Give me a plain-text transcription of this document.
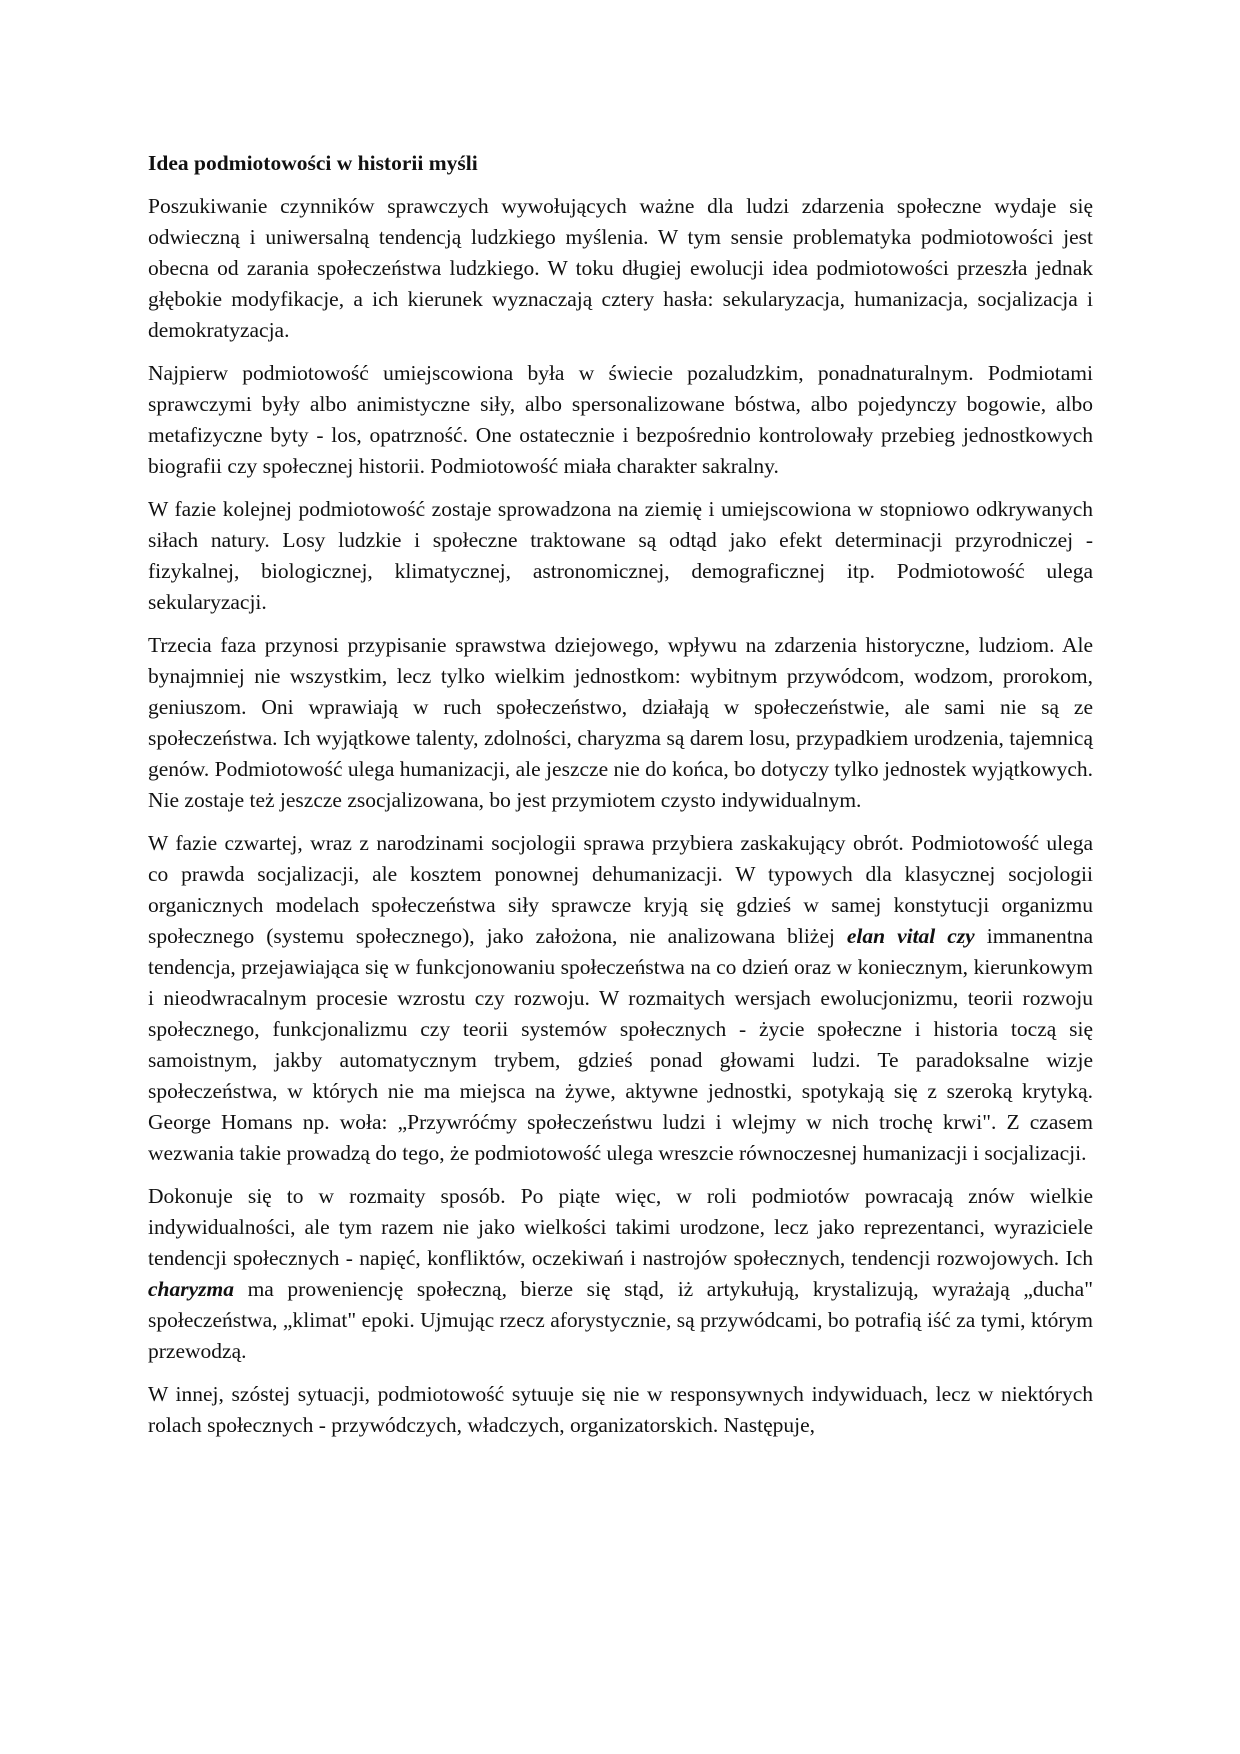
Idea podmiotowości w historii myśli

Poszukiwanie czynników sprawczych wywołujących ważne dla ludzi zdarzenia społeczne wydaje się odwieczną i uniwersalną tendencją ludzkiego myślenia. W tym sensie problematyka podmiotowości jest obecna od zarania społeczeństwa ludzkiego. W toku długiej ewolucji idea podmiotowości przeszła jednak głębokie modyfikacje, a ich kierunek wyznaczają cztery hasła: sekularyzacja, humanizacja, socjalizacja i demokratyzacja.

Najpierw podmiotowość umiejscowiona była w świecie pozaludzkim, ponadnaturalnym. Podmiotami sprawczymi były albo animistyczne siły, albo spersonalizowane bóstwa, albo pojedynczy bogowie, albo metafizyczne byty - los, opatrzność. One ostatecznie i bezpośrednio kontrolowały przebieg jednostkowych biografii czy społecznej historii. Podmiotowość miała charakter sakralny.

W fazie kolejnej podmiotowość zostaje sprowadzona na ziemię i umiejscowiona w stopniowo odkrywanych siłach natury. Losy ludzkie i społeczne traktowane są odtąd jako efekt determinacji przyrodniczej - fizykalnej, biologicznej, klimatycznej, astronomicznej, demograficznej itp. Podmiotowość ulega sekularyzacji.

Trzecia faza przynosi przypisanie sprawstwa dziejowego, wpływu na zdarzenia historyczne, ludziom. Ale bynajmniej nie wszystkim, lecz tylko wielkim jednostkom: wybitnym przywódcom, wodzom, prorokom, geniuszom. Oni wprawiają w ruch społeczeństwo, działają w społeczeństwie, ale sami nie są ze społeczeństwa. Ich wyjątkowe talenty, zdolności, charyzma są darem losu, przypadkiem urodzenia, tajemnicą genów. Podmiotowość ulega humanizacji, ale jeszcze nie do końca, bo dotyczy tylko jednostek wyjątkowych. Nie zostaje też jeszcze zsocjalizowana, bo jest przymiotem czysto indywidualnym.

W fazie czwartej, wraz z narodzinami socjologii sprawa przybiera zaskakujący obrót. Podmiotowość ulega co prawda socjalizacji, ale kosztem ponownej dehumanizacji. W typowych dla klasycznej socjologii organicznych modelach społeczeństwa siły sprawcze kryją się gdzieś w samej konstytucji organizmu społecznego (systemu społecznego), jako założona, nie analizowana bliżej elan vital czy immanentna tendencja, przejawiająca się w funkcjonowaniu społeczeństwa na co dzień oraz w koniecznym, kierunkowym i nieodwracalnym procesie wzrostu czy rozwoju. W rozmaitych wersjach ewolucjonizmu, teorii rozwoju społecznego, funkcjonalizmu czy teorii systemów społecznych - życie społeczne i historia toczą się samoistnym, jakby automatycznym trybem, gdzieś ponad głowami ludzi. Te paradoksalne wizje społeczeństwa, w których nie ma miejsca na żywe, aktywne jednostki, spotykają się z szeroką krytyką. George Homans np. woła: „Przywróćmy społeczeństwu ludzi i wlejmy w nich trochę krwi". Z czasem wezwania takie prowadzą do tego, że podmiotowość ulega wreszcie równoczesnej humanizacji i socjalizacji.

Dokonuje się to w rozmaity sposób. Po piąte więc, w roli podmiotów powracają znów wielkie indywidualności, ale tym razem nie jako wielkości takimi urodzone, lecz jako reprezentanci, wyraziciele tendencji społecznych - napięć, konfliktów, oczekiwań i nastrojów społecznych, tendencji rozwojowych. Ich charyzma ma proweniencję społeczną, bierze się stąd, iż artykułują, krystalizują, wyrażają „ducha" społeczeństwa, „klimat" epoki. Ujmując rzecz aforystycznie, są przywódcami, bo potrafią iść za tymi, którym przewodzą.

W innej, szóstej sytuacji, podmiotowość sytuuje się nie w responsywnych indywiduach, lecz w niektórych rolach społecznych - przywódczych, władczych, organizatorskich. Następuje,
